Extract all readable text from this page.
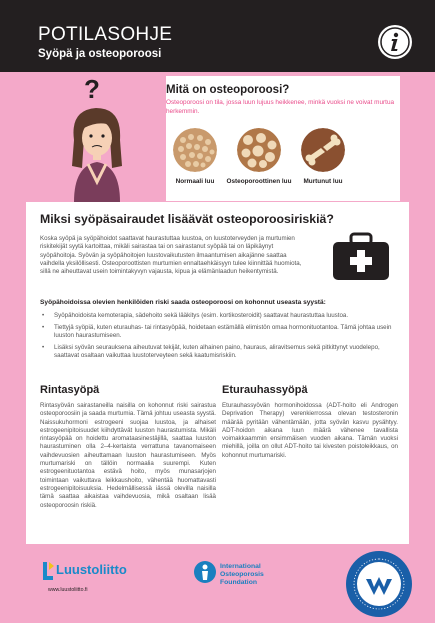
POTILASOHJE
Syöpä ja osteoporoosi
?	Mitä on osteoporoosi?
Osteoporoosi on tila, jossa luun lujuus heikkenee, minkä vuoksi ne voivat murtua herkemmin.
Normaali luu	Osteoporoottinen luu	Murtunut luu
Miksi syöpäsairaudet lisäävät osteoporoosiriskiä?
Koska syöpä ja syöpähoidot saattavat haurastuttaa luustoa, on luustoterveyden ja murtumien riskitekijät syytä kartoittaa, mikäli sairastaa tai on sairastanut syöpää tai on läpikäynyt syöpähoitoja. Syövän ja syöpähoitojen luustovaikutusten ilmaantumisen aikajänne saattaa vaihdella yksilöllisesti. Osteoporoottisten murtumien ennaltaehkäisyyn tulee kiinnittää huomiota, sillä ne aiheuttavat usein toimintakyvyn vajausta, kipua ja elämänlaadun heikentymistä.
Syöpähoidoissa olevien henkilöiden riski saada osteoporoosi on kohonnut useasta syystä:
• Syöpähoidoista kemoterapia, sädehoito sekä lääkitys (esim. kortikosteroidit) saattavat haurastuttaa luustoa.
• Tiettyjä syöpiä, kuten eturauhas- tai rintasyöpää, hoidetaan estämällä elimistön omaa hormonituotantoa. Tämä johtaa usein luuston haurastumiseen.
• Lisäksi syövän seurauksena aiheutuvat tekijät, kuten alhainen paino, haurаus, aliravitsemus sekä pitkittynyt vuodelepo, saattavat osaltaan vaikuttaa luustoterveyteen sekä kaatumisriskiin.
Rintasyöpä
Rintasyövän sairastaneilla naisilla on kohonnut riski sairastua osteoporoosiin ja saada murtumia. Tämä johtuu useasta syystä. Naissukuhormoni estrogeeni suojaa luustoa, ja alhaiset estrogeenipitoisuudet kiihdyttävät luuston haurastumista. Mikäli rintasyöpää on hoidettu aromataasinestäjillä, saattaa luuston haurastuminen olla 2–4-kertaista verrattuna tavanomaiseen vaihdevuosien aiheuttamaan luuston haurastumiseen. Myös murtumariski on tällöin normaalia suurempi. Kuten estrogeenituotantoa estävä hoito, myös munasarjojen toimintaan vaikuttava leikkaushoito, vähentää huomattavasti estrogeenipitoisuuksia. Hedelmällisessä iässä olevilla naisilla tämä saattaa aikaistaa vaihdevuosia, mikä osaltaan lisää osteoporoosin riskiä.
Eturauhassyöpä
Eturauhassyövän hormonihoidossa (ADT-hoito eli Androgen Deprivation Therapy) verenkierrossa olevan testosteronin määrää pyritään vähentämään, jotta syövän kasvu pysähtyy. ADT-hoidon aikana luun määrä vähenee tavallista voimakkaammin ensimmäisen vuoden aikana. Tämän vuoksi miehillä, joilla on ollut ADT-hoito tai kivesten poistoleikkaus, on kohonnut murtumariski.
Luustoliitto
www.luustoliitto.fi
International Osteoporosis Foundation
